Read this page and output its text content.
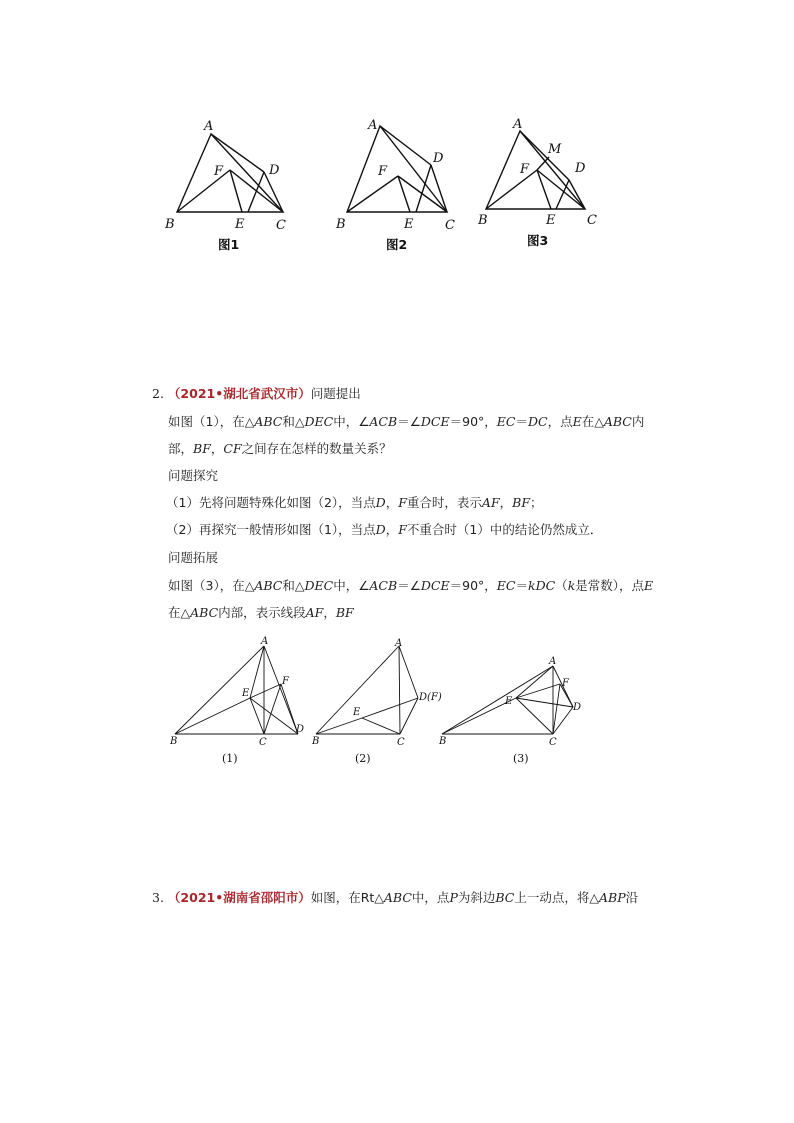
A
B	C
D
E
F
图1
A
B	C
D
E
F
图2
A
B	C
D
E
F
M
图3
2. （2021•湖北省武汉市）问题提出
如图（1），在△ABC和△DEC中，∠ACB＝∠DCE＝90°，EC＝DC，点E在△ABC内
部，BF，CF之间存在怎样的数量关系？
问题探究
（1）先将问题特殊化如图（2），当点D，F重合时，表示AF，BF；
（2）再探究一般情形如图（1），当点D，F不重合时（1）中的结论仍然成立．
问题拓展
如图（3），在△ABC和△DEC中，∠ACB＝∠DCE＝90°，EC＝kDC（k是常数），点E
在△ABC内部，表示线段AF，BF
A
B	C
D
E
F
(1)
A
B	C
D(F)
E
(2)
A
B	C
D
E
F
(3)
3. （2021•湖南省邵阳市）如图，在Rt△ABC中，点P为斜边BC上一动点，将△ABP沿
